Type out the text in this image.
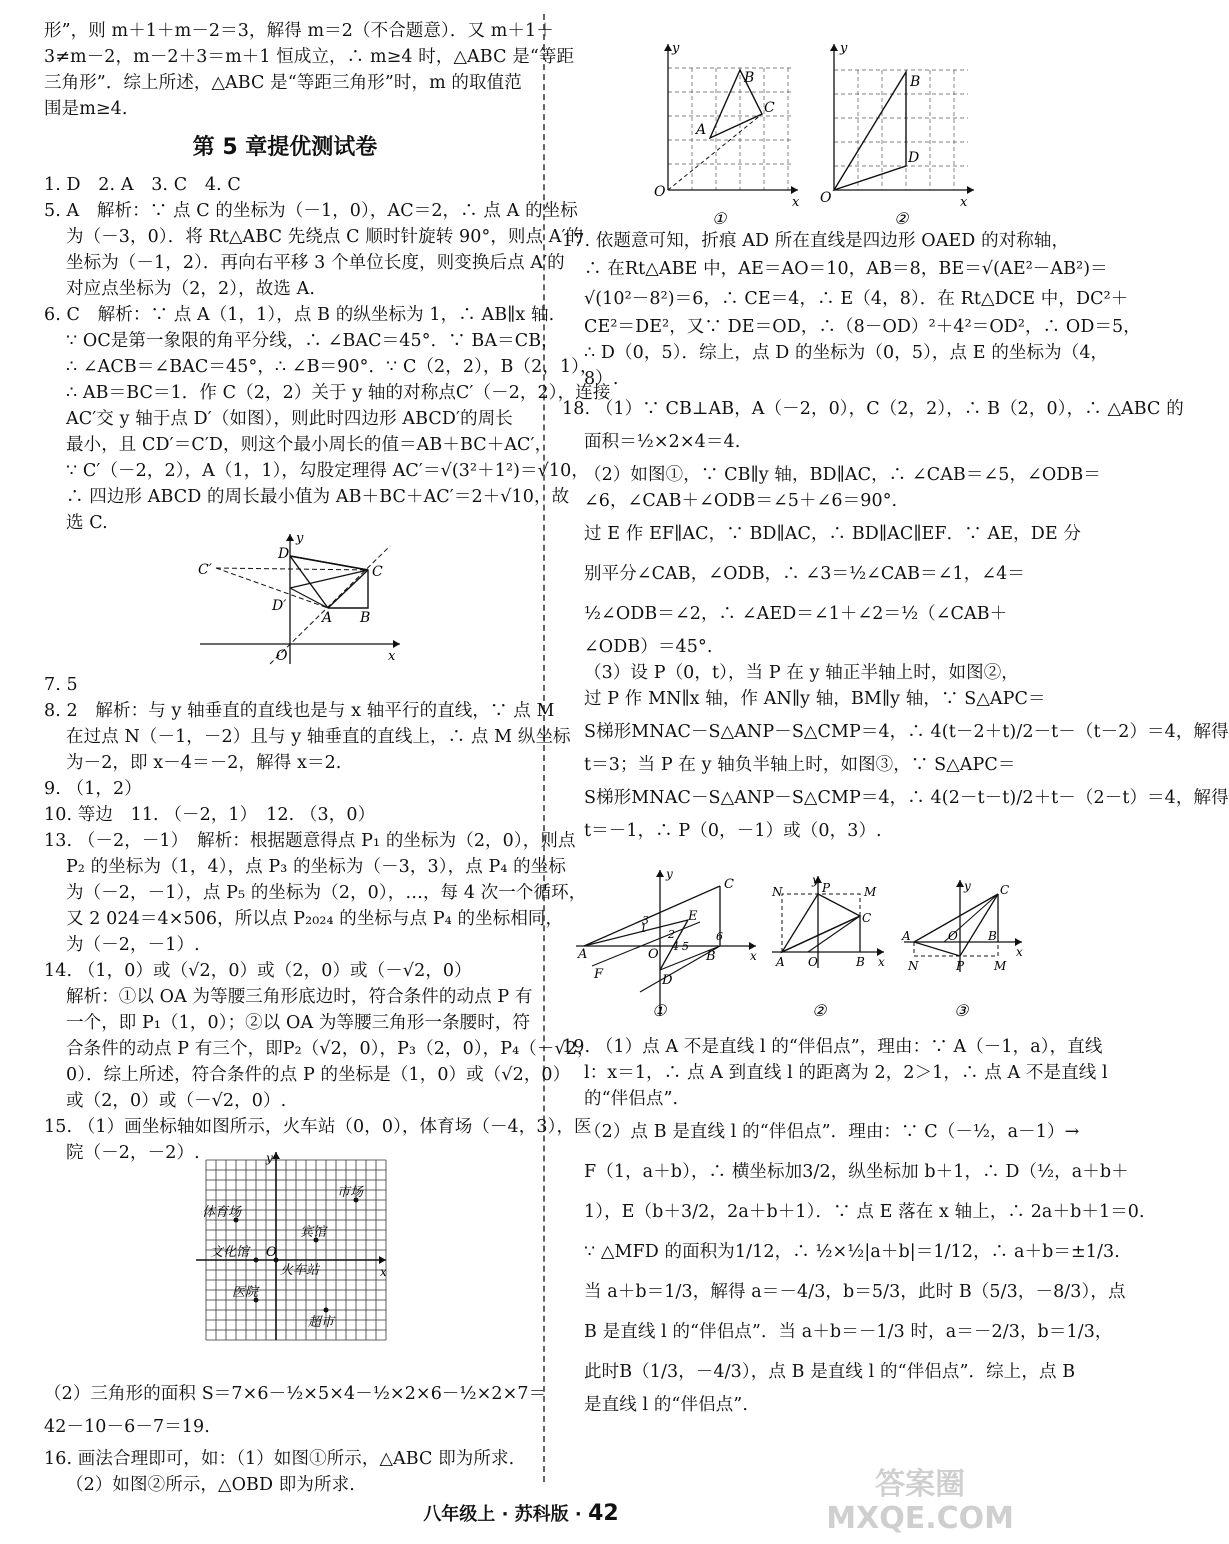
形”，则 m＋1＋m－2＝3，解得 m＝2（不合题意）．又 m＋1＋
3≠m－2，m－2＋3＝m＋1 恒成立，∴ m≥4 时，△ABC 是“等距
三角形”．综上所述，△ABC 是“等距三角形”时，m 的取值范
围是m≥4.
第 5 章提优测试卷
1. D　2. A　3. C　4. C
5. A　解析：∵ 点 C 的坐标为（－1，0），AC＝2，∴ 点 A 的坐标
为（－3，0）．将 Rt△ABC 先绕点 C 顺时针旋转 90°，则点 A′的
坐标为（－1，2）．再向右平移 3 个单位长度，则变换后点 A′的
对应点坐标为（2，2），故选 A.
6. C　解析：∵ 点 A（1，1），点 B 的纵坐标为 1，∴ AB∥x 轴.
∵ OC是第一象限的角平分线，∴ ∠BAC＝45°．∵ BA＝CB，
∴ ∠ACB＝∠BAC＝45°，∴ ∠B＝90°．∵ C（2，2），B（2，1），
∴ AB＝BC＝1．作 C（2，2）关于 y 轴的对称点C′（－2，2），连接
AC′交 y 轴于点 D′（如图），则此时四边形 ABCD′的周长
最小，且 CD′＝C′D，则这个最小周长的值＝AB＋BC＋AC′，
∵ C′（－2，2），A（1，1），勾股定理得 AC′＝√(3²＋1²)＝√10，
∴ 四边形 ABCD 的周长最小值为 AB＋BC＋AC′＝2＋√10，故
选 C.
C′
D
D′
A B
C
O	x
y
7. 5
8. 2　解析：与 y 轴垂直的直线也是与 x 轴平行的直线，∵ 点 M
在过点 N（－1，－2）且与 y 轴垂直的直线上，∴ 点 M 纵坐标
为－2，即 x－4＝－2，解得 x＝2.
9. （1，2）
10. 等边　11. （－2，1）　12. （3，0）
13. （－2，－1）　解析：根据题意得点 P₁ 的坐标为（2，0），则点
P₂ 的坐标为（1，4），点 P₃ 的坐标为（－3，3），点 P₄ 的坐标
为（－2，－1），点 P₅ 的坐标为（2，0），…，每 4 次一个循环，
又 2 024＝4×506，所以点 P₂₀₂₄ 的坐标与点 P₄ 的坐标相同，
为（－2，－1）.
14. （1，0）或（√2，0）或（2，0）或（－√2，0）
解析：①以 OA 为等腰三角形底边时，符合条件的动点 P 有
一个，即 P₁（1，0）；②以 OA 为等腰三角形一条腰时，符
合条件的动点 P 有三个，即P₂（√2，0），P₃（2，0），P₄（－√2，
0）．综上所述，符合条件的点 P 的坐标是（1，0）或（√2，0）
或（2，0）或（－√2，0）.
15. （1）画坐标轴如图所示，火车站（0，0），体育场（－4，3），医
院（－2，－2）.
市场
体育场
宾馆
文化馆 O
火车站
医院
超市
x
y
（2）三角形的面积 S＝7×6－½×5×4－½×2×6－½×2×7＝
42－10－6－7＝19.
16. 画法合理即可，如：（1）如图①所示，△ABC 即为所求.
（2）如图②所示，△OBD 即为所求.
y
B
C
A
O
x
①
y
B
D
O	x
②
17. 依题意可知，折痕 AD 所在直线是四边形 OAED 的对称轴，
∴ 在Rt△ABE 中，AE＝AO＝10，AB＝8，BE＝√(AE²－AB²)＝
√(10²－8²)＝6，∴ CE＝4，∴ E（4，8）．在 Rt△DCE 中，DC²＋
CE²＝DE²，又∵ DE＝OD，∴（8－OD）²＋4²＝OD²，∴ OD＝5，
∴ D（0，5）．综上，点 D 的坐标为（0，5），点 E 的坐标为（4，
8）.
18. （1）∵ CB⊥AB，A（－2，0），C（2，2），∴ B（2，0），∴ △ABC 的
面积＝½×2×4＝4.
（2）如图①，∵ CB∥y 轴，BD∥AC，∴ ∠CAB＝∠5，∠ODB＝
∠6，∠CAB＋∠ODB＝∠5＋∠6＝90°.
过 E 作 EF∥AC，∵ BD∥AC，∴ BD∥AC∥EF．∵ AE，DE 分
别平分∠CAB，∠ODB，∴ ∠3＝½∠CAB＝∠1，∠4＝
½∠ODB＝∠2，∴ ∠AED＝∠1＋∠2＝½（∠CAB＋
∠ODB）＝45°.
（3）设 P（0，t），当 P 在 y 轴正半轴上时，如图②，
过 P 作 MN∥x 轴，作 AN∥y 轴，BM∥y 轴，∵ S△APC＝
S梯形MNAC－S△ANP－S△CMP＝4，∴ 4(t－2＋t)/2－t－（t－2）＝4，解得
t＝3；当 P 在 y 轴负半轴上时，如图③，∵ S△APC＝
S梯形MNAC－S△ANP－S△CMP＝4，∴ 4(2－t－t)/2＋t－（2－t）＝4，解得
t＝－1，∴ P（0，－1）或（0，3）.
C
E
A
F
O	B
D
y
x
1 2
3
4 5
6
①
N
y
P	M
C
A O	B x
②
y C
A	O	B
x
N	P M
③
19. （1）点 A 不是直线 l 的“伴侣点”，理由：∵ A（－1，a），直线
l：x＝1，∴ 点 A 到直线 l 的距离为 2，2＞1，∴ 点 A 不是直线 l
的“伴侣点”.
（2）点 B 是直线 l 的“伴侣点”．理由：∵ C（－½，a－1）→
F（1，a＋b），∴ 横坐标加3/2，纵坐标加 b＋1，∴ D（½，a＋b＋
1），E（b＋3/2，2a＋b＋1）．∵ 点 E 落在 x 轴上，∴ 2a＋b＋1＝0.
∵ △MFD 的面积为1/12，∴ ½×½|a＋b|＝1/12，∴ a＋b＝±1/3.
当 a＋b＝1/3，解得 a＝－4/3，b＝5/3，此时 B（5/3，－8/3），点
B 是直线 l 的“伴侣点”．当 a＋b＝－1/3 时，a＝－2/3，b＝1/3，
此时B（1/3，－4/3），点 B 是直线 l 的“伴侣点”．综上，点 B
是直线 l 的“伴侣点”.
八年级上 · 苏科版 · 42
答案圈
MXQE.COM
